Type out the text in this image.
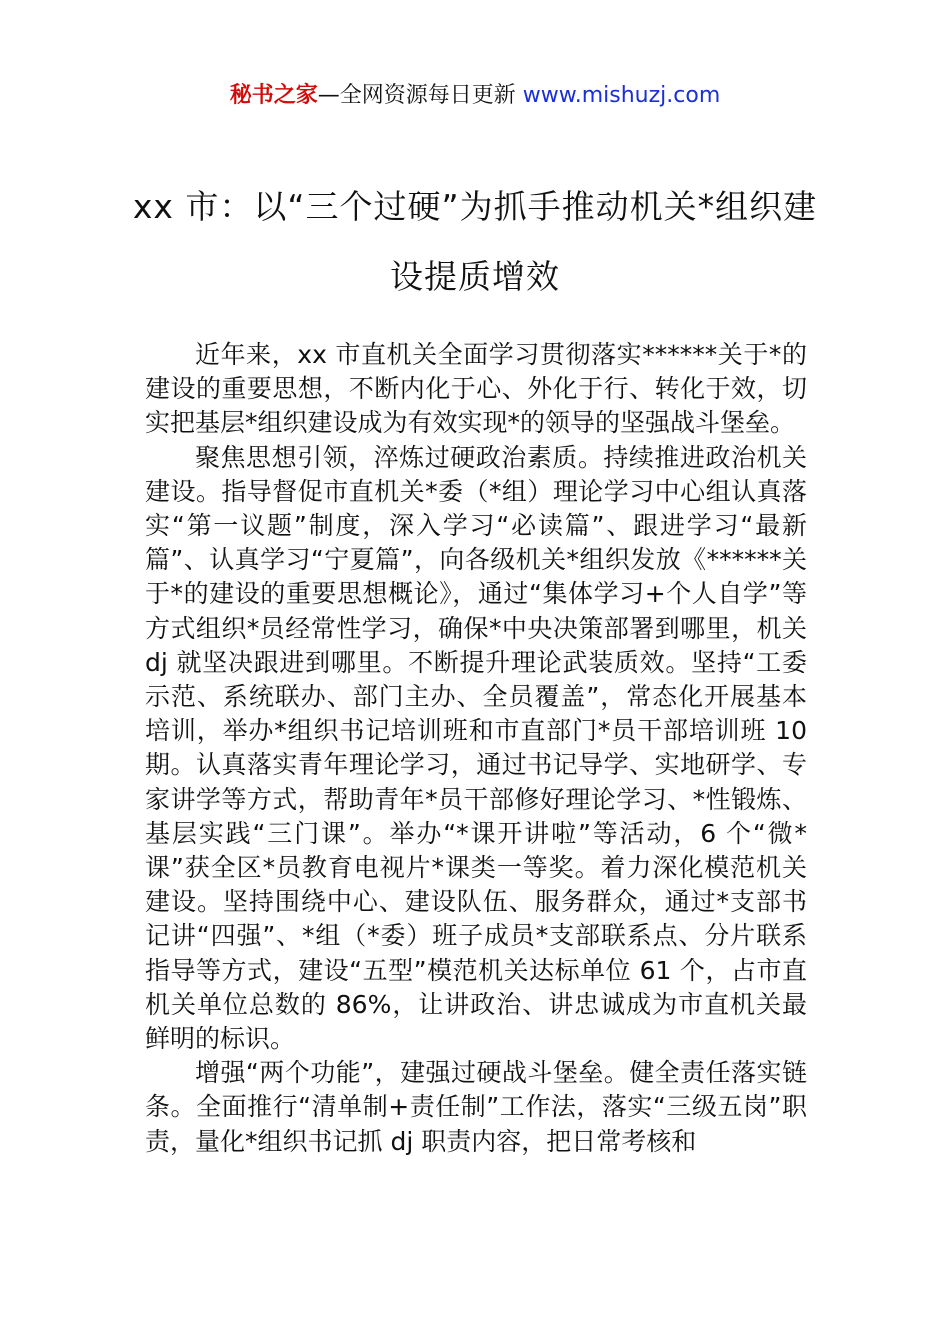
秘书之家—全网资源每日更新 www.mishuzj.com
xx 市：以“三个过硬”为抓手推动机关*组织建设提质增效

近年来，xx 市直机关全面学习贯彻落实******关于*的建设的重要思想，不断内化于心、外化于行、转化于效，切实把基层*组织建设成为有效实现*的领导的坚强战斗堡垒。

聚焦思想引领，淬炼过硬政治素质。持续推进政治机关建设。指导督促市直机关*委（*组）理论学习中心组认真落实“第一议题”制度，深入学习“必读篇”、跟进学习“最新篇”、认真学习“宁夏篇”，向各级机关*组织发放《******关于*的建设的重要思想概论》，通过“集体学习+个人自学”等方式组织*员经常性学习，确保*中央决策部署到哪里，机关 dj 就坚决跟进到哪里。不断提升理论武装质效。坚持“工委示范、系统联办、部门主办、全员覆盖”，常态化开展基本培训，举办*组织书记培训班和市直部门*员干部培训班 10 期。认真落实青年理论学习，通过书记导学、实地研学、专家讲学等方式，帮助青年*员干部修好理论学习、*性锻炼、基层实践“三门课”。举办“*课开讲啦”等活动，6 个“微*课”获全区*员教育电视片*课类一等奖。着力深化模范机关建设。坚持围绕中心、建设队伍、服务群众，通过*支部书记讲“四强”、*组（*委）班子成员*支部联系点、分片联系指导等方式，建设“五型”模范机关达标单位 61 个，占市直机关单位总数的 86%，让讲政治、讲忠诚成为市直机关最鲜明的标识。

增强“两个功能”，建强过硬战斗堡垒。健全责任落实链条。全面推行“清单制+责任制”工作法，落实“三级五岗”职责，量化*组织书记抓 dj 职责内容，把日常考核和
